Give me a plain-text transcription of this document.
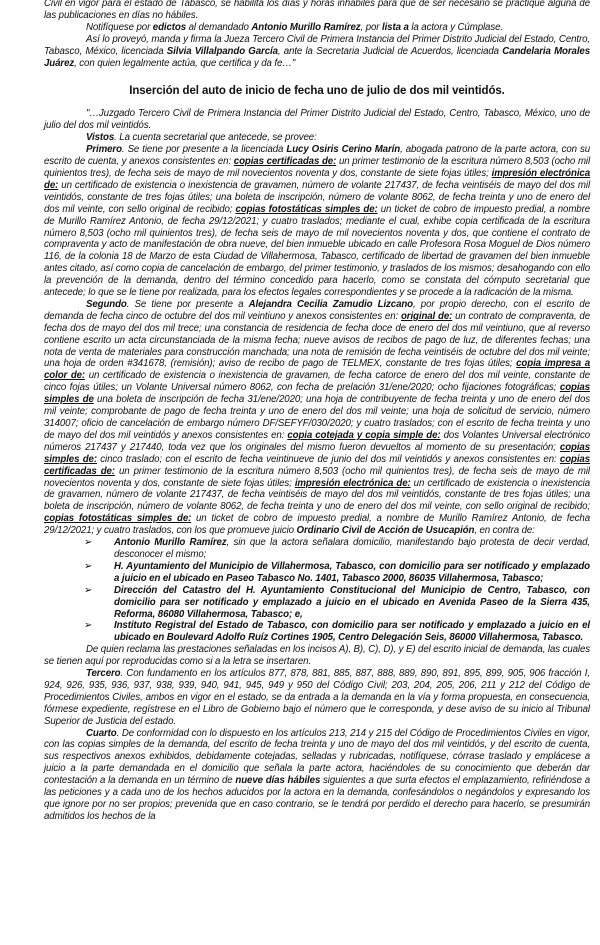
Civil en vigor para el estado de Tabasco, se habilita los días y horas inhábiles para que de ser necesario se practique alguna de las publicaciones en días no hábiles.

Notifíquese por edictos al demandado Antonio Murillo Ramírez, por lista a la actora y Cúmplase.

Así lo proveyó, manda y firma la Jueza Tercero Civil de Primera Instancia del Primer Distrito Judicial del Estado, Centro, Tabasco, México, licenciada Silvia Villalpando García, ante la Secretaria Judicial de Acuerdos, licenciada Candelaria Morales Juárez, con quien legalmente actúa, que certifica y da fe…"

Inserción del auto de inicio de fecha uno de julio de dos mil veintidós.

"…Juzgado Tercero Civil de Primera Instancia del Primer Distrito Judicial del Estado, Centro, Tabasco, México, uno de julio del dos mil veintidós.

Vistos. La cuenta secretarial que antecede, se provee:

Primero. Se tiene por presente a la licenciada Lucy Osiris Cerino Marín, abogada patrono de la parte actora, con su escrito de cuenta, y anexos consistentes en: copias certificadas de: un primer testimonio de la escritura número 8,503 (ocho mil quinientos tres), de fecha seis de mayo de mil novecientos noventa y dos, constante de siete fojas útiles; impresión electrónica de: un certificado de existencia o inexistencia de gravamen, número de volante 217437, de fecha veintiséis de mayo del dos mil veintidós, constante de tres fojas útiles; una boleta de inscripción, número de volante 8062, de fecha treinta y uno de enero del dos mil veinte, con sello original de recibido; copias fotostáticas simples de: un ticket de cobro de impuesto predial, a nombre de Murillo Ramírez Antonio, de fecha 29/12/2021; y cuatro traslados; mediante el cual, exhibe copia certificada de la escritura número 8,503 (ocho mil quinientos tres), de fecha seis de mayo de mil novecientos noventa y dos, que contiene el contrato de compraventa y acto de manifestación de obra nueve, del bien inmueble ubicado en calle Profesora Rosa Moguel de Dios número 116, de la colonia 18 de Marzo de esta Ciudad de Villahermosa, Tabasco, certificado de libertad de gravamen del bien inmueble antes citado, así como copia de cancelación de embargo, del primer testimonio, y traslados de los mismos; desahogando con ello la prevención de la demanda, dentro del término concedido para hacerlo, como se constata del cómputo secretarial que antecede; lo que se le tiene por realizada, para los efectos legales correspondientes y se procede a la radicación de la misma.

Segundo. Se tiene por presente a Alejandra Cecilia Zamudio Lizcano, por propio derecho, con el escrito de demanda de fecha cinco de octubre del dos mil veintiuno y anexos consistentes en: original de: un contrato de compraventa, de fecha dos de mayo del dos mil trece; una constancia de residencia de fecha doce de enero del dos mil veintiuno, que al reverso contiene escrito un acta circunstanciada de la misma fecha; nueve avisos de recibos de pago de luz, de diferentes fechas; una nota de venta de materiales para construcción manchada; una nota de remisión de fecha veintiséis de octubre del dos mil veinte; una hoja de orden #341678, (remisión); aviso de recibo de pago de TELMEX, constante de tres fojas útiles; copia impresa a color de: un certificado de existencia o inexistencia de gravamen, de fecha catorce de enero del dos mil veinte, constante de cinco fojas útiles; un Volante Universal número 8062, con fecha de prelación 31/ene/2020; ocho fijaciones fotográficas; copias simples de una boleta de inscripción de fecha 31/ene/2020; una hoja de contribuyente de fecha treinta y uno de enero del dos mil veinte; comprobante de pago de fecha treinta y uno de enero del dos mil veinte; una hoja de solicitud de servicio, número 314007; oficio de cancelación de embargo número DF/SEFYF/030/2020; y cuatro traslados; con el escrito de fecha treinta y uno de mayo del dos mil veintidós y anexos consistentes en: copia cotejada y copia simple de: dos Volantes Universal electrónico números 217437 y 217440, toda vez que los originales del mismo fueron devueltos al momento de su presentación; copias simples de: cinco traslado; con el escrito de fecha veintinueve de junio del dos mil veintidós y anexos consistentes en: copias certificadas de: un primer testimonio de la escritura número 8,503 (ocho mil quinientos tres), de fecha seis de mayo de mil novecientos noventa y dos, constante de siete fojas útiles; impresión electrónica de: un certificado de existencia o inexistencia de gravamen, número de volante 217437, de fecha veintiséis de mayo del dos mil veintidós, constante de tres fojas útiles; una boleta de inscripción, número de volante 8062, de fecha treinta y uno de enero del dos mil veinte, con sello original de recibido; copias fotostáticas simples de: un ticket de cobro de impuesto predial, a nombre de Murillo Ramírez Antonio, de fecha 29/12/2021; y cuatro traslados, con los que promueve juicio Ordinario Civil de Acción de Usucapión, en contra de:

➢ Antonio Murillo Ramírez, sin que la actora señalara domicilio, manifestando bajo protesta de decir verdad, desconocer el mismo;
➢ H. Ayuntamiento del Municipio de Villahermosa, Tabasco, con domicilio para ser notificado y emplazado a juicio en el ubicado en Paseo Tabasco No. 1401, Tabasco 2000, 86035 Villahermosa, Tabasco;
➢ Dirección del Catastro del H. Ayuntamiento Constitucional del Municipio de Centro, Tabasco, con domicilio para ser notificado y emplazado a juicio en el ubicado en Avenida Paseo de la Sierra 435, Reforma, 86080 Villahermosa, Tabasco; e,
➢ Instituto Registral del Estado de Tabasco, con domicilio para ser notificado y emplazado a juicio en el ubicado en Boulevard Adolfo Ruíz Cortines 1905, Centro Delegación Seis, 86000 Villahermosa, Tabasco.

De quien reclama las prestaciones señaladas en los incisos A), B), C), D), y E) del escrito inicial de demanda, las cuales se tienen aquí por reproducidas como si a la letra se insertaren.

Tercero. Con fundamento en los artículos 877, 878, 881, 885, 887, 888, 889, 890, 891, 895, 899, 905, 906 fracción I, 924, 926, 935, 936, 937, 938, 939, 940, 941, 945, 949 y 950 del Código Civil; 203, 204, 205, 206, 211 y 212 del Código de Procedimientos Civiles, ambos en vigor en el estado, se da entrada a la demanda en la vía y forma propuesta, en consecuencia, fórmese expediente, regístrese en el Libro de Gobierno bajo el número que le corresponda, y dese aviso de su inicio al Tribunal Superior de Justicia del estado.

Cuarto. De conformidad con lo dispuesto en los artículos 213, 214 y 215 del Código de Procedimientos Civiles en vigor, con las copias simples de la demanda, del escrito de fecha treinta y uno de mayo del dos mil veintidós, y del escrito de cuenta, sus respectivos anexos exhibidos, debidamente cotejadas, selladas y rubricadas, notifíquese, córrase traslado y emplácese a juicio a la parte demandada en el domicilio que señala la parte actora, haciéndoles de su conocimiento que deberán dar contestación a la demanda en un término de nueve días hábiles siguientes a que surta efectos el emplazamiento, refiriéndose a las peticiones y a cada uno de los hechos aducidos por la actora en la demanda, confesándolos o negándolos y expresando los que ignore por no ser propios; prevenida que en caso contrario, se le tendrá por perdido el derecho para hacerlo, se presumirán admitidos los hechos de la
